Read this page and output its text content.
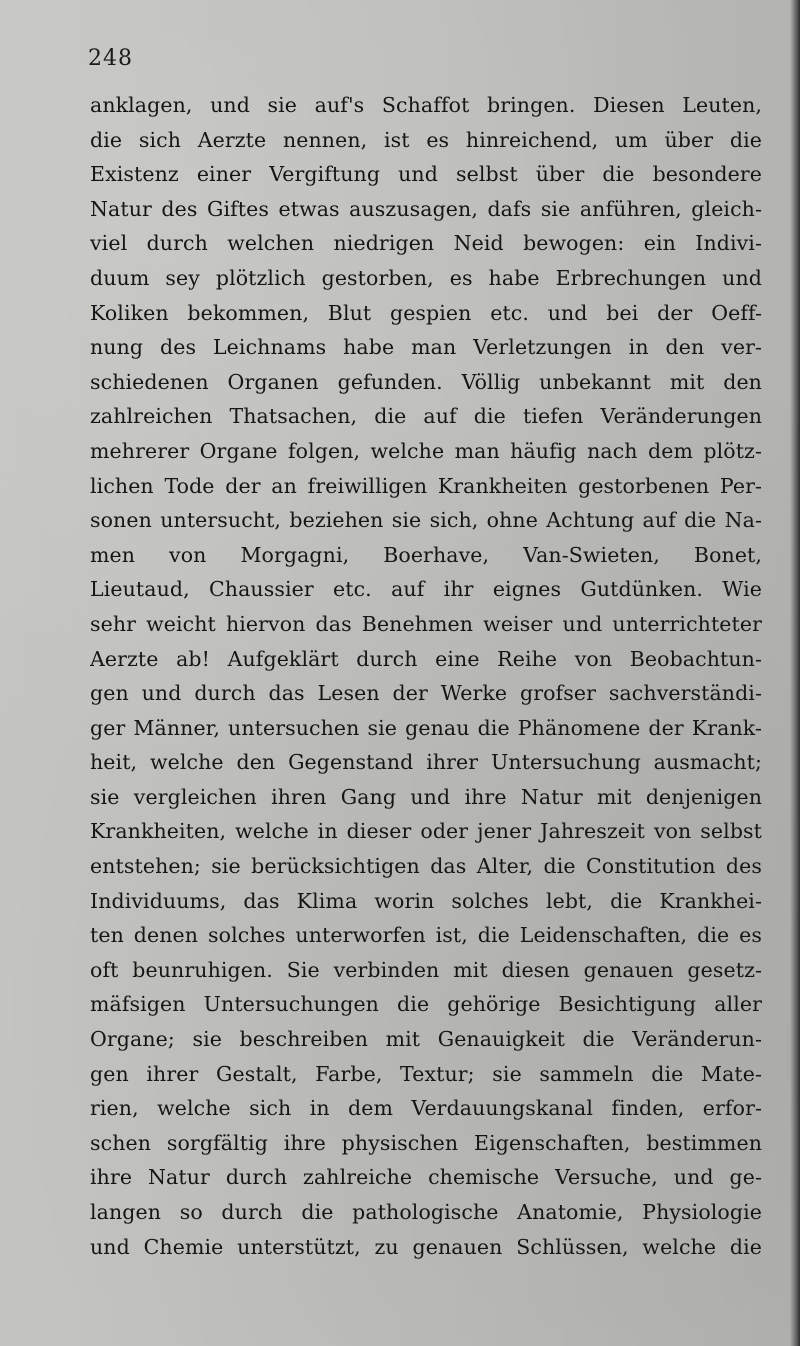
248
anklagen, und sie auf's Schaffot bringen. Diesen Leuten,
die sich Aerzte nennen, ist es hinreichend, um über die
Existenz einer Vergiftung und selbst über die besondere
Natur des Giftes etwas auszusagen, dafs sie anführen, gleich-
viel durch welchen niedrigen Neid bewogen: ein Indivi-
duum sey plötzlich gestorben, es habe Erbrechungen und
Koliken bekommen, Blut gespien etc. und bei der Oeff-
nung des Leichnams habe man Verletzungen in den ver-
schiedenen Organen gefunden. Völlig unbekannt mit den
zahlreichen Thatsachen, die auf die tiefen Veränderungen
mehrerer Organe folgen, welche man häufig nach dem plötz-
lichen Tode der an freiwilligen Krankheiten gestorbenen Per-
sonen untersucht, beziehen sie sich, ohne Achtung auf die Na-
men von Morgagni, Boerhave, Van-Swieten, Bonet,
Lieutaud, Chaussier etc. auf ihr eignes Gutdünken. Wie
sehr weicht hiervon das Benehmen weiser und unterrichteter
Aerzte ab! Aufgeklärt durch eine Reihe von Beobachtun-
gen und durch das Lesen der Werke grofser sachverständi-
ger Männer, untersuchen sie genau die Phänomene der Krank-
heit, welche den Gegenstand ihrer Untersuchung ausmacht;
sie vergleichen ihren Gang und ihre Natur mit denjenigen
Krankheiten, welche in dieser oder jener Jahreszeit von selbst
entstehen; sie berücksichtigen das Alter, die Constitution des
Individuums, das Klima worin solches lebt, die Krankhei-
ten denen solches unterworfen ist, die Leidenschaften, die es
oft beunruhigen. Sie verbinden mit diesen genauen gesetz-
mäfsigen Untersuchungen die gehörige Besichtigung aller
Organe; sie beschreiben mit Genauigkeit die Veränderun-
gen ihrer Gestalt, Farbe, Textur; sie sammeln die Mate-
rien, welche sich in dem Verdauungskanal finden, erfor-
schen sorgfältig ihre physischen Eigenschaften, bestimmen
ihre Natur durch zahlreiche chemische Versuche, und ge-
langen so durch die pathologische Anatomie, Physiologie
und Chemie unterstützt, zu genauen Schlüssen, welche die
